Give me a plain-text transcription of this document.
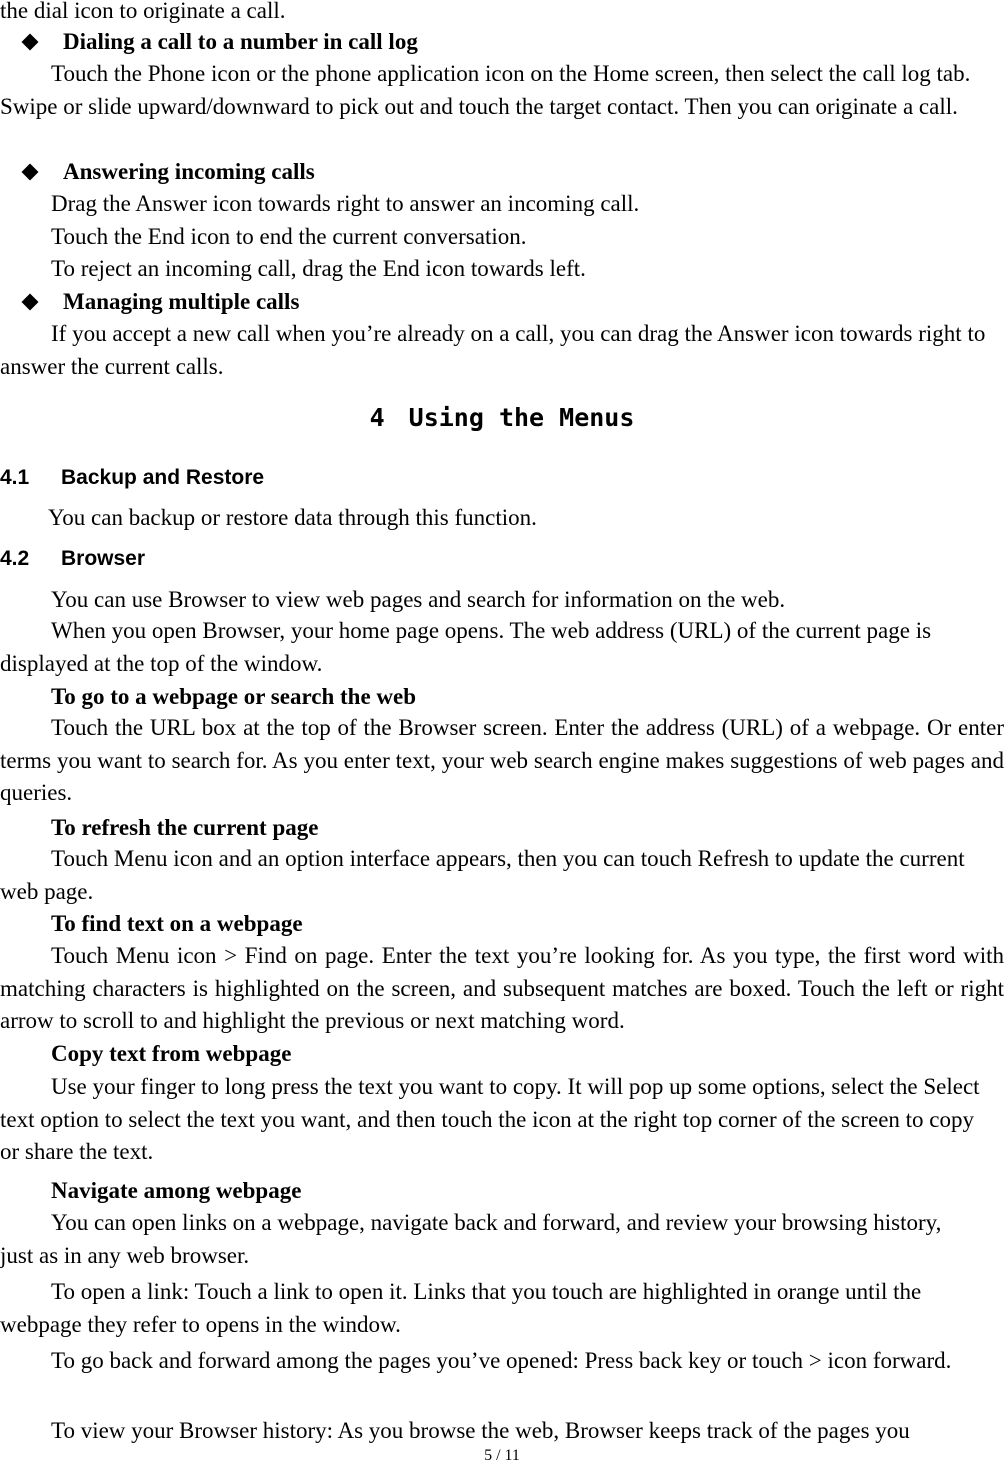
the dial icon to originate a call.
Dialing a call to a number in call log

Touch the Phone icon or the phone application icon on the Home screen, then select the call log tab. Swipe or slide upward/downward to pick out and touch the target contact. Then you can originate a call.

Answering incoming calls
Drag the Answer icon towards right to answer an incoming call.
Touch the End icon to end the current conversation.
To reject an incoming call, drag the End icon towards left.
Managing multiple calls

If you accept a new call when you’re already on a call, you can drag the Answer icon towards right to answer the current calls.

4 Using the Menus
4.1 Backup and Restore
You can backup or restore data through this function.
4.2 Browser
You can use Browser to view web pages and search for information on the web.

When you open Browser, your home page opens. The web address (URL) of the current page is displayed at the top of the window.

To go to a webpage or search the web

Touch the URL box at the top of the Browser screen. Enter the address (URL) of a webpage. Or enter terms you want to search for. As you enter text, your web search engine makes suggestions of web pages and queries.

To refresh the current page

Touch Menu icon and an option interface appears, then you can touch Refresh to update the current web page.

To find text on a webpage

Touch Menu icon > Find on page. Enter the text you’re looking for. As you type, the first word with matching characters is highlighted on the screen, and subsequent matches are boxed. Touch the left or right arrow to scroll to and highlight the previous or next matching word.

Copy text from webpage

Use your finger to long press the text you want to copy. It will pop up some options, select the Select text option to select the text you want, and then touch the icon at the right top corner of the screen to copy or share the text.

Navigate among webpage

You can open links on a webpage, navigate back and forward, and review your browsing history, just as in any web browser.

To open a link: Touch a link to open it. Links that you touch are highlighted in orange until the webpage they refer to opens in the window.

To go back and forward among the pages you’ve opened: Press back key or touch > icon forward.

To view your Browser history: As you browse the web, Browser keeps track of the pages you
5 / 11
